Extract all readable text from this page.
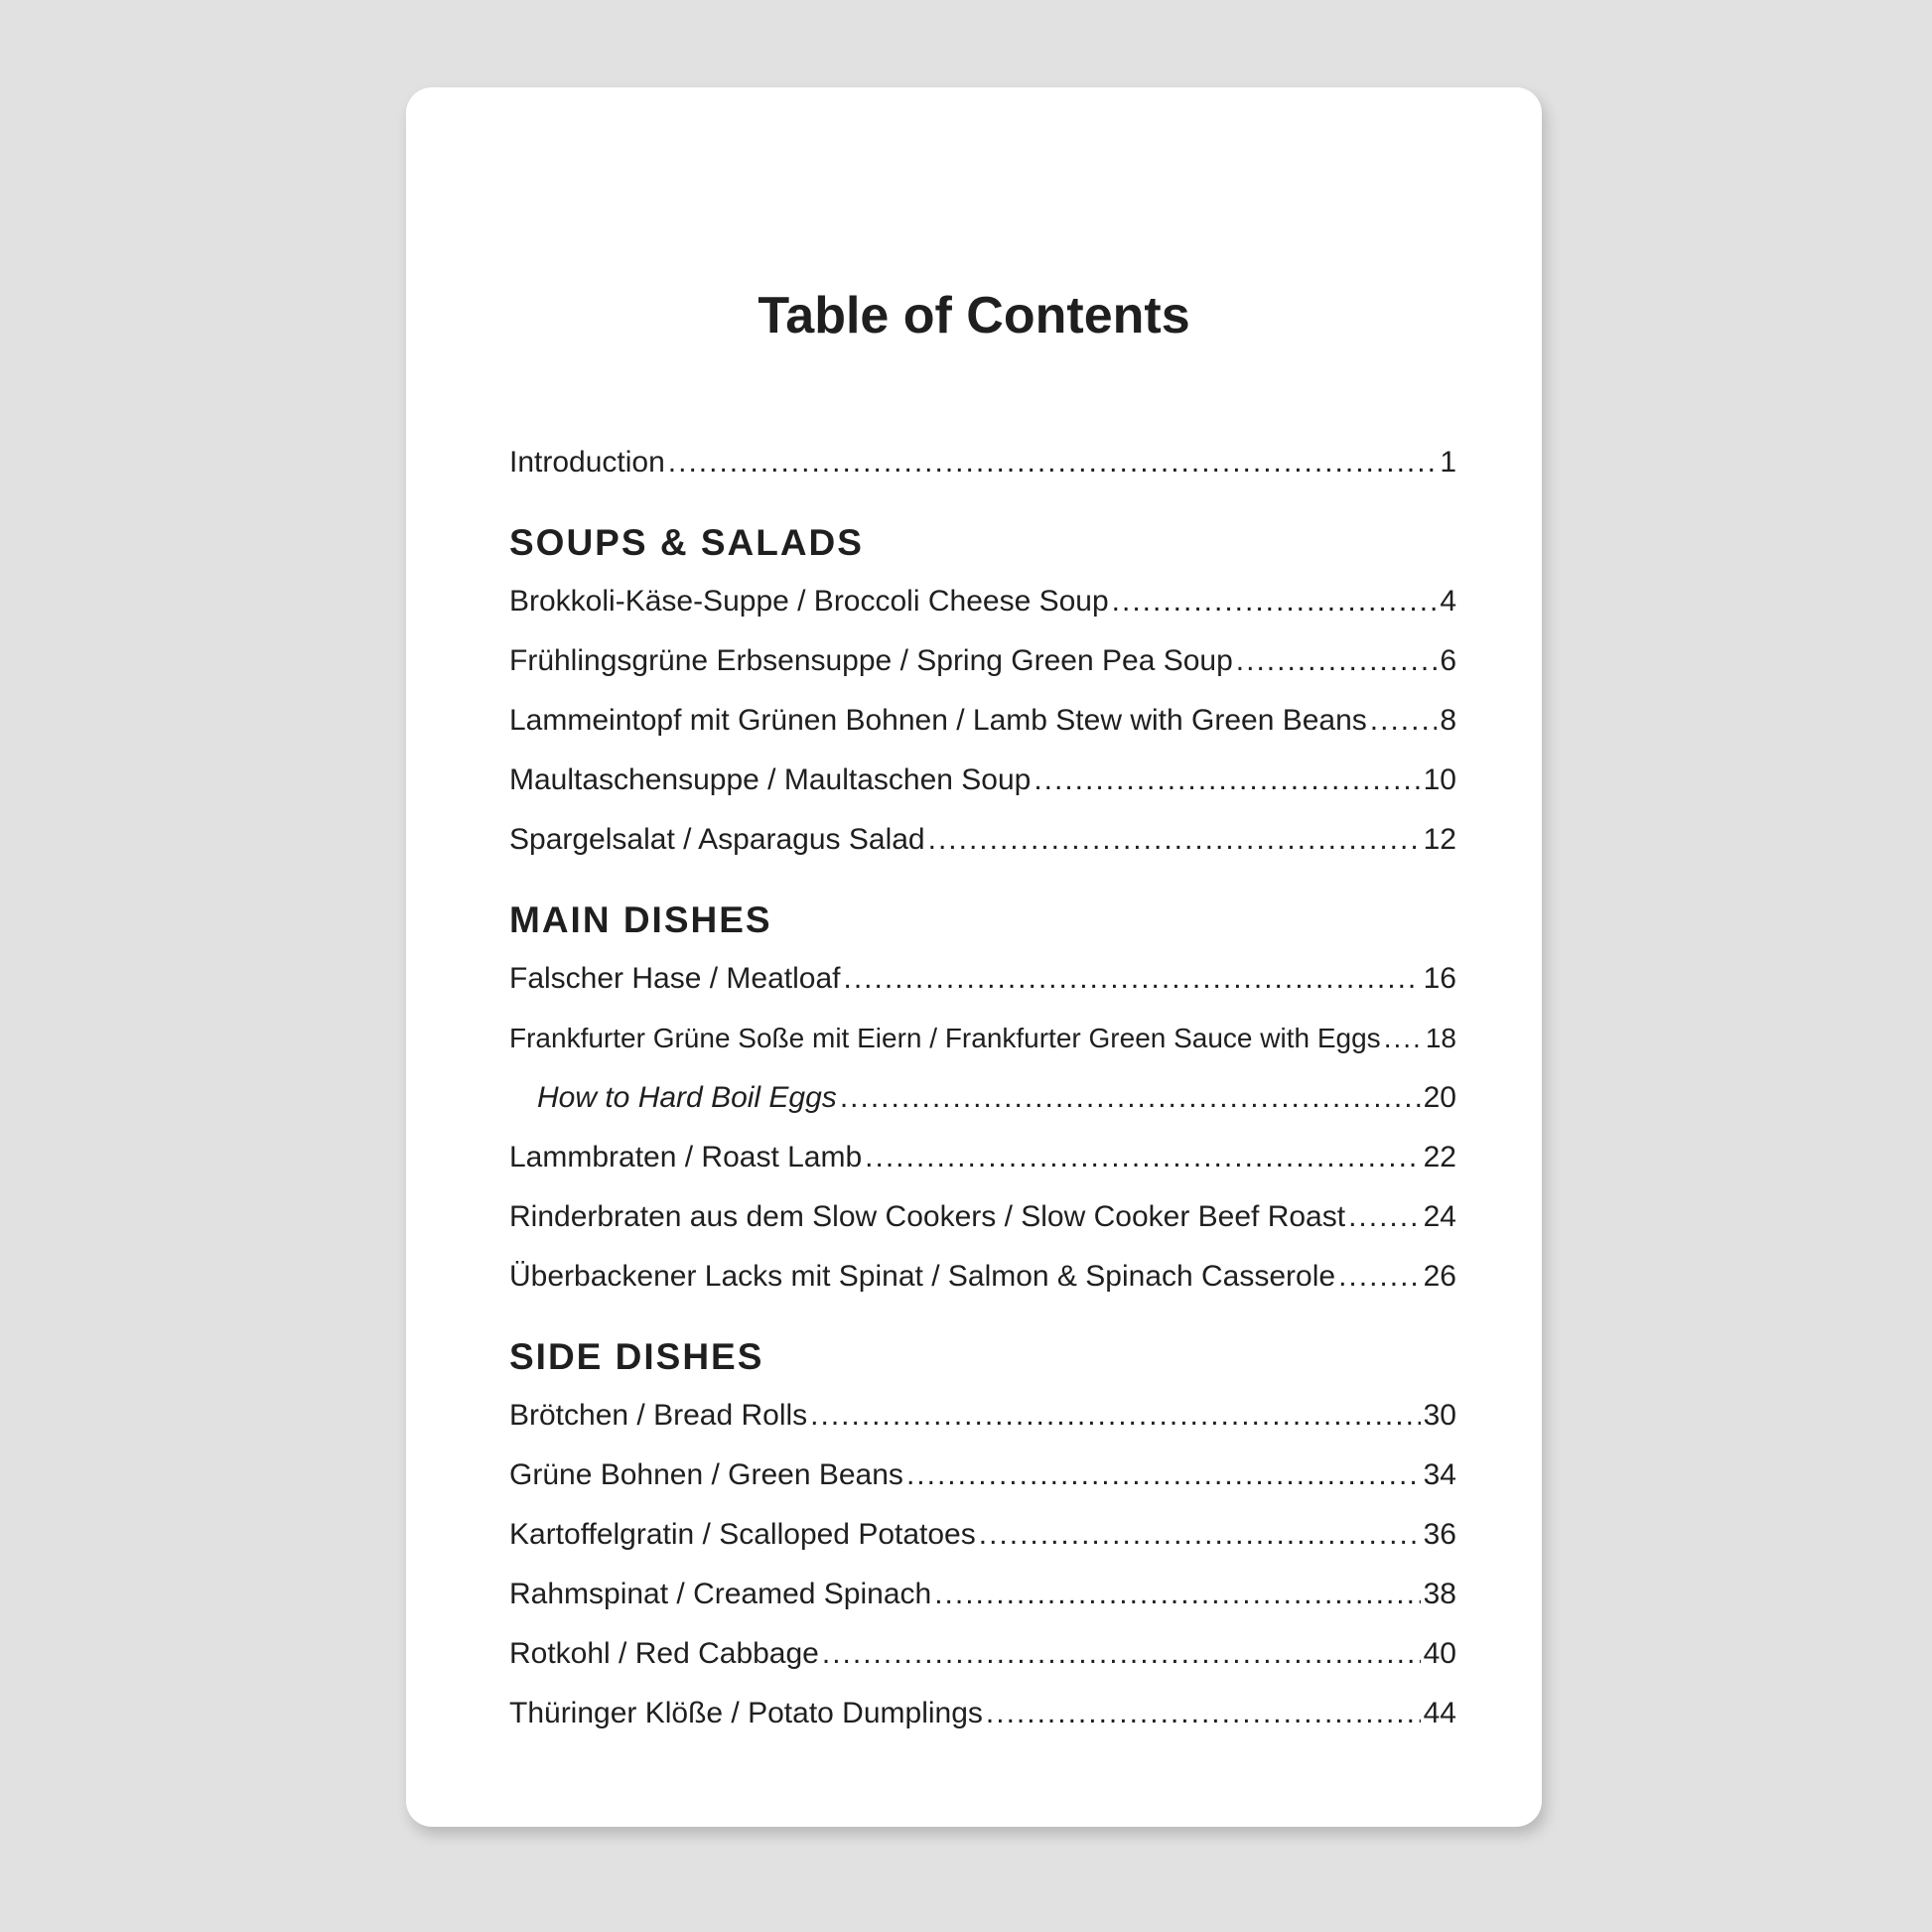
Table of Contents
Introduction .....	1
SOUPS & SALADS
Brokkoli-Käse-Suppe / Broccoli Cheese Soup .....	4
Frühlingsgrüne Erbsensuppe / Spring Green Pea Soup .....	6
Lammeintopf mit Grünen Bohnen / Lamb Stew with Green Beans ..... 8
Maultaschensuppe / Maultaschen Soup .....	10
Spargelsalat / Asparagus Salad .....	12
MAIN DISHES
Falscher Hase / Meatloaf .....	16
Frankfurter Grüne Soße mit Eiern / Frankfurter Green Sauce with Eggs ..... 18
How to Hard Boil Eggs .....	20
Lammbraten / Roast Lamb .....	22
Rinderbraten aus dem Slow Cookers / Slow Cooker Beef Roast .....	24
Überbackener Lacks mit Spinat / Salmon & Spinach Casserole .....	26
SIDE DISHES
Brötchen / Bread Rolls .....	30
Grüne Bohnen / Green Beans .....	34
Kartoffelgratin / Scalloped Potatoes .....	36
Rahmspinat / Creamed Spinach .....	38
Rotkohl / Red Cabbage .....	40
Thüringer Klöße / Potato Dumplings .....	44
